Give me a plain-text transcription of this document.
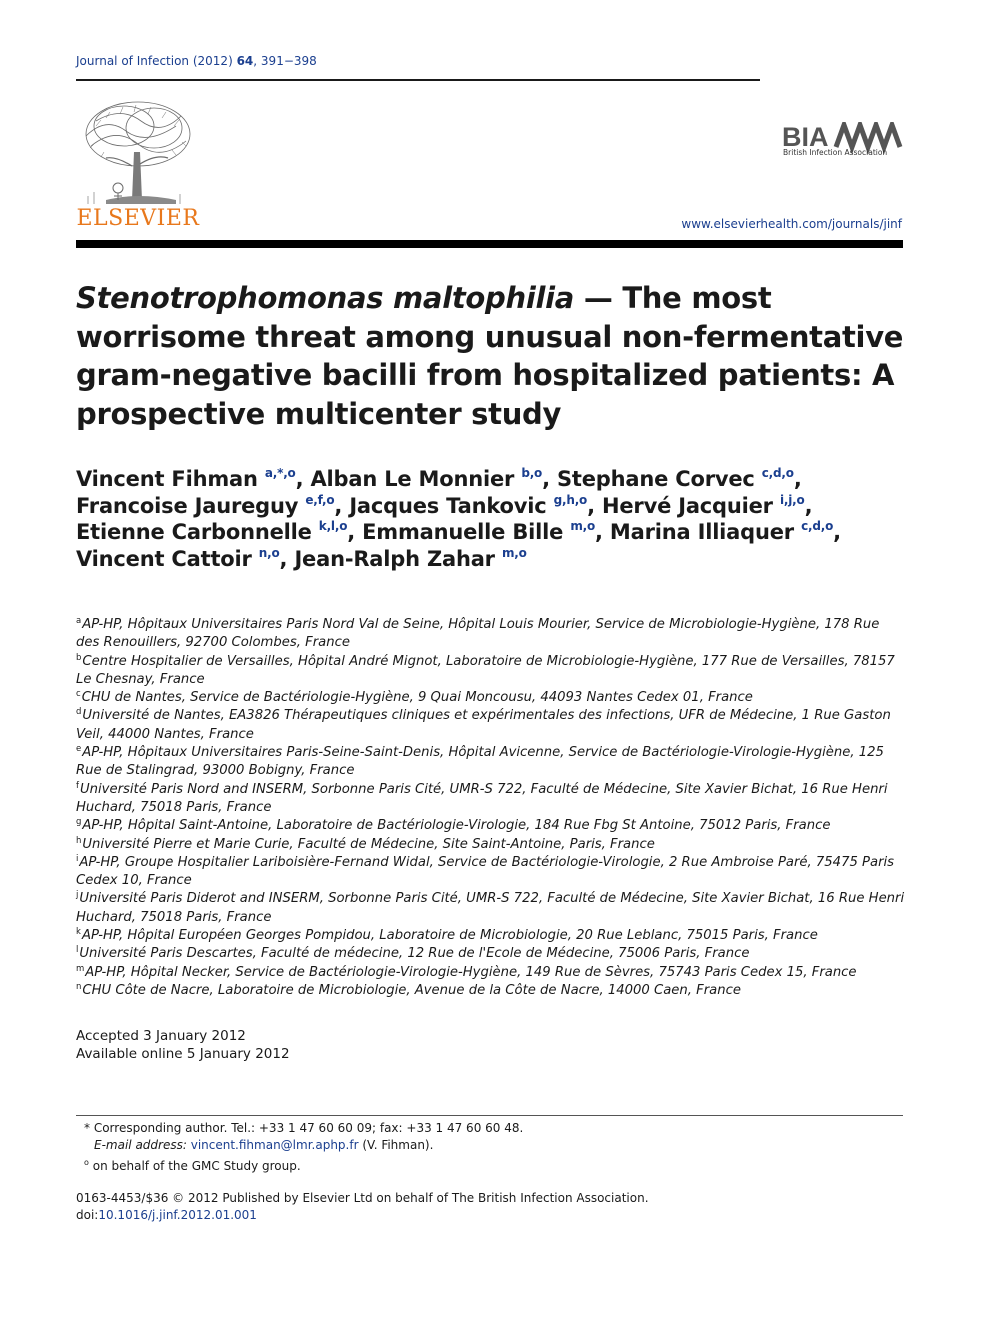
Journal of Infection (2012) 64, 391−398
ELSEVIER
BIA
British Infection Association
www.elsevierhealth.com/journals/jinf
Stenotrophomonas maltophilia — The most worrisome threat among unusual non-fermentative gram-negative bacilli from hospitalized patients: A prospective multicenter study
Vincent Fihman $^{a,*,o}$, Alban Le Monnier $^{b,o}$, Stephane Corvec $^{c,d,o}$, Francoise Jaureguy $^{e,f,o}$, Jacques Tankovic $^{g,h,o}$, Hervé Jacquier $^{i,j,o}$, Etienne Carbonnelle $^{k,l,o}$, Emmanuelle Bille $^{m,o}$, Marina Illiaquer $^{c,d,o}$, Vincent Cattoir $^{n,o}$, Jean-Ralph Zahar $^{m,o}$
$^a$AP-HP, Hôpitaux Universitaires Paris Nord Val de Seine, Hôpital Louis Mourier, Service de Microbiologie-Hygiène, 178 Rue des Renouillers, 92700 Colombes, France
$^b$Centre Hospitalier de Versailles, Hôpital André Mignot, Laboratoire de Microbiologie-Hygiène, 177 Rue de Versailles, 78157 Le Chesnay, France
$^c$CHU de Nantes, Service de Bactériologie-Hygiène, 9 Quai Moncousu, 44093 Nantes Cedex 01, France
$^d$Université de Nantes, EA3826 Thérapeutiques cliniques et expérimentales des infections, UFR de Médecine, 1 Rue Gaston Veil, 44000 Nantes, France
$^e$AP-HP, Hôpitaux Universitaires Paris-Seine-Saint-Denis, Hôpital Avicenne, Service de Bactériologie-Virologie-Hygiène, 125 Rue de Stalingrad, 93000 Bobigny, France
$^f$Université Paris Nord and INSERM, Sorbonne Paris Cité, UMR-S 722, Faculté de Médecine, Site Xavier Bichat, 16 Rue Henri Huchard, 75018 Paris, France
$^g$AP-HP, Hôpital Saint-Antoine, Laboratoire de Bactériologie-Virologie, 184 Rue Fbg St Antoine, 75012 Paris, France
$^h$Université Pierre et Marie Curie, Faculté de Médecine, Site Saint-Antoine, Paris, France
$^i$AP-HP, Groupe Hospitalier Lariboisière-Fernand Widal, Service de Bactériologie-Virologie, 2 Rue Ambroise Paré, 75475 Paris Cedex 10, France
$^j$Université Paris Diderot and INSERM, Sorbonne Paris Cité, UMR-S 722, Faculté de Médecine, Site Xavier Bichat, 16 Rue Henri Huchard, 75018 Paris, France
$^k$AP-HP, Hôpital Européen Georges Pompidou, Laboratoire de Microbiologie, 20 Rue Leblanc, 75015 Paris, France
$^l$Université Paris Descartes, Faculté de médecine, 12 Rue de l'Ecole de Médecine, 75006 Paris, France
$^m$AP-HP, Hôpital Necker, Service de Bactériologie-Virologie-Hygiène, 149 Rue de Sèvres, 75743 Paris Cedex 15, France
$^n$CHU Côte de Nacre, Laboratoire de Microbiologie, Avenue de la Côte de Nacre, 14000 Caen, France
Accepted 3 January 2012
Available online 5 January 2012
* Corresponding author. Tel.: +33 1 47 60 60 09; fax: +33 1 47 60 60 48.
E-mail address: vincent.fihman@lmr.aphp.fr (V. Fihman).
$^o$ on behalf of the GMC Study group.
0163-4453/$36 © 2012 Published by Elsevier Ltd on behalf of The British Infection Association.
doi:10.1016/j.jinf.2012.01.001
